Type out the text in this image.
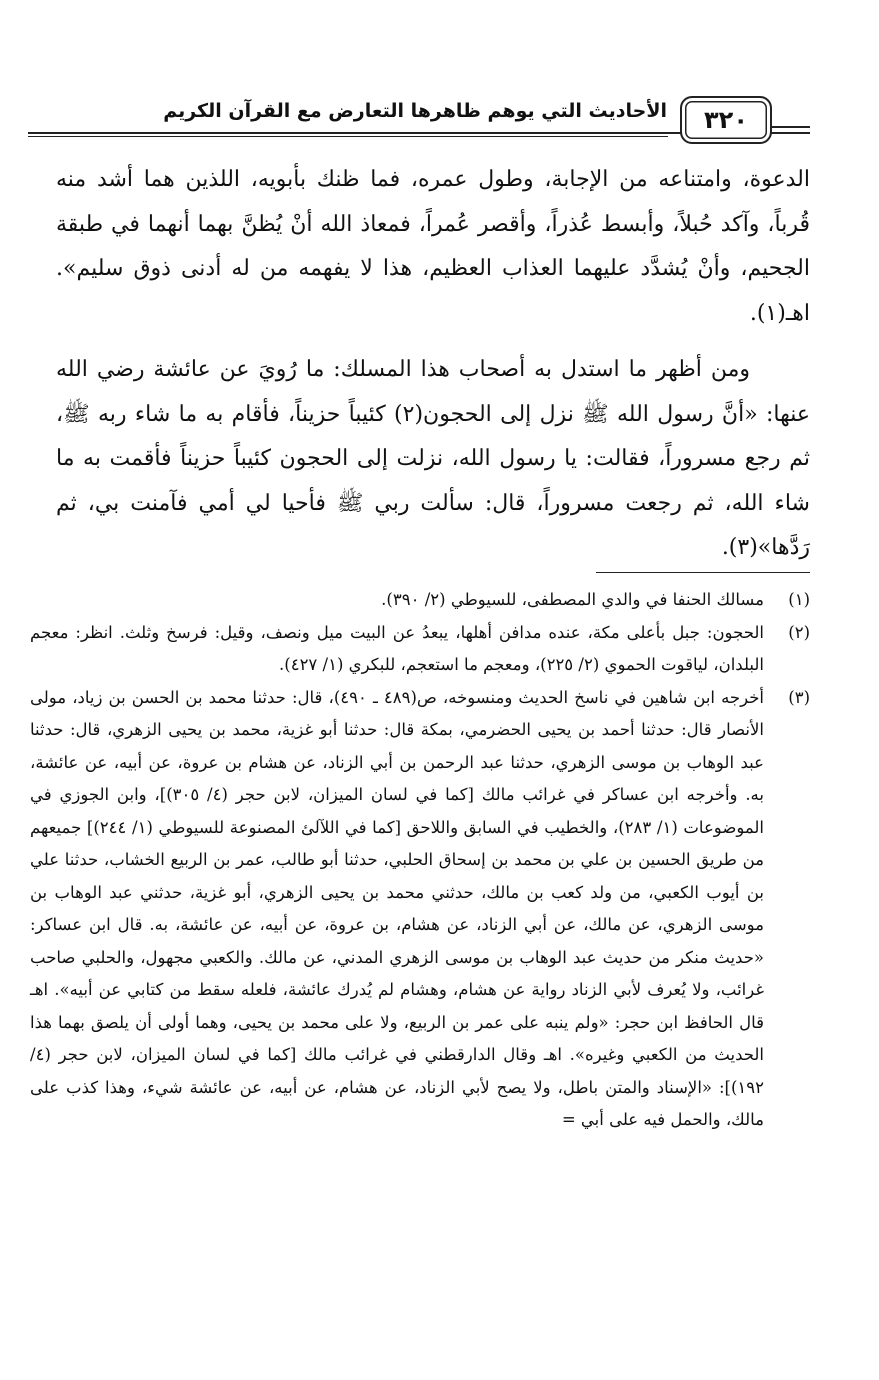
٣٢٠
الأحاديث التي يوهم ظاهرها التعارض مع القرآن الكريم

الدعوة، وامتناعه من الإجابة، وطول عمره، فما ظنك بأبويه، اللذين هما أشد منه قُرباً، وآكد حُبلاً، وأبسط عُذراً، وأقصر عُمراً، فمعاذ الله أنْ يُظنَّ بهما أنهما في طبقة الجحيم، وأنْ يُشدَّد عليهما العذاب العظيم، هذا لا يفهمه من له أدنى ذوق سليم». اهـ(١).

ومن أظهر ما استدل به أصحاب هذا المسلك: ما رُويَ عن عائشة رضي الله عنها: «أنَّ رسول الله ﷺ نزل إلى الحجون(٢) كئيباً حزيناً، فأقام به ما شاء ربه ﷺ، ثم رجع مسروراً، فقالت: يا رسول الله، نزلت إلى الحجون كئيباً حزيناً فأقمت به ما شاء الله، ثم رجعت مسروراً، قال: سألت ربي ﷺ فأحيا لي أمي فآمنت بي، ثم رَدَّها»(٣).

(١)
مسالك الحنفا في والدي المصطفى، للسيوطي (٢/ ٣٩٠).
(٢)
الحجون: جبل بأعلى مكة، عنده مدافن أهلها، يبعدُ عن البيت ميل ونصف، وقيل: فرسخ وثلث. انظر: معجم البلدان، لياقوت الحموي (٢/ ٢٢٥)، ومعجم ما استعجم، للبكري (١/ ٤٢٧).
(٣)
أخرجه ابن شاهين في ناسخ الحديث ومنسوخه، ص(٤٨٩ ـ ٤٩٠)، قال: حدثنا محمد بن الحسن بن زياد، مولى الأنصار قال: حدثنا أحمد بن يحيى الحضرمي، بمكة قال: حدثنا أبو غزية، محمد بن يحيى الزهري، قال: حدثنا عبد الوهاب بن موسى الزهري، حدثنا عبد الرحمن بن أبي الزناد، عن هشام بن عروة، عن أبيه، عن عائشة، به. وأخرجه ابن عساكر في غرائب مالك [كما في لسان الميزان، لابن حجر (٤/ ٣٠٥)]، وابن الجوزي في الموضوعات (١/ ٢٨٣)، والخطيب في السابق واللاحق [كما في اللآلئ المصنوعة للسيوطي (١/ ٢٤٤)] جميعهم من طريق الحسين بن علي بن محمد بن إسحاق الحلبي، حدثنا أبو طالب، عمر بن الربيع الخشاب، حدثنا علي بن أيوب الكعبي، من ولد كعب بن مالك، حدثني محمد بن يحيى الزهري، أبو غزية، حدثني عبد الوهاب بن موسى الزهري، عن مالك، عن أبي الزناد، عن هشام، بن عروة، عن أبيه، عن عائشة، به. قال ابن عساكر: «حديث منكر من حديث عبد الوهاب بن موسى الزهري المدني، عن مالك. والكعبي مجهول، والحلبي صاحب غرائب، ولا يُعرف لأبي الزناد رواية عن هشام، وهشام لم يُدرك عائشة، فلعله سقط من كتابي عن أبيه». اهـ قال الحافظ ابن حجر: «ولم ينبه على عمر بن الربيع، ولا على محمد بن يحيى، وهما أولى أن يلصق بهما هذا الحديث من الكعبي وغيره». اهـ وقال الدارقطني في غرائب مالك [كما في لسان الميزان، لابن حجر (٤/ ١٩٢)]: «الإسناد والمتن باطل، ولا يصح لأبي الزناد، عن هشام، عن أبيه، عن عائشة شيء، وهذا كذب على مالك، والحمل فيه على أبي =
